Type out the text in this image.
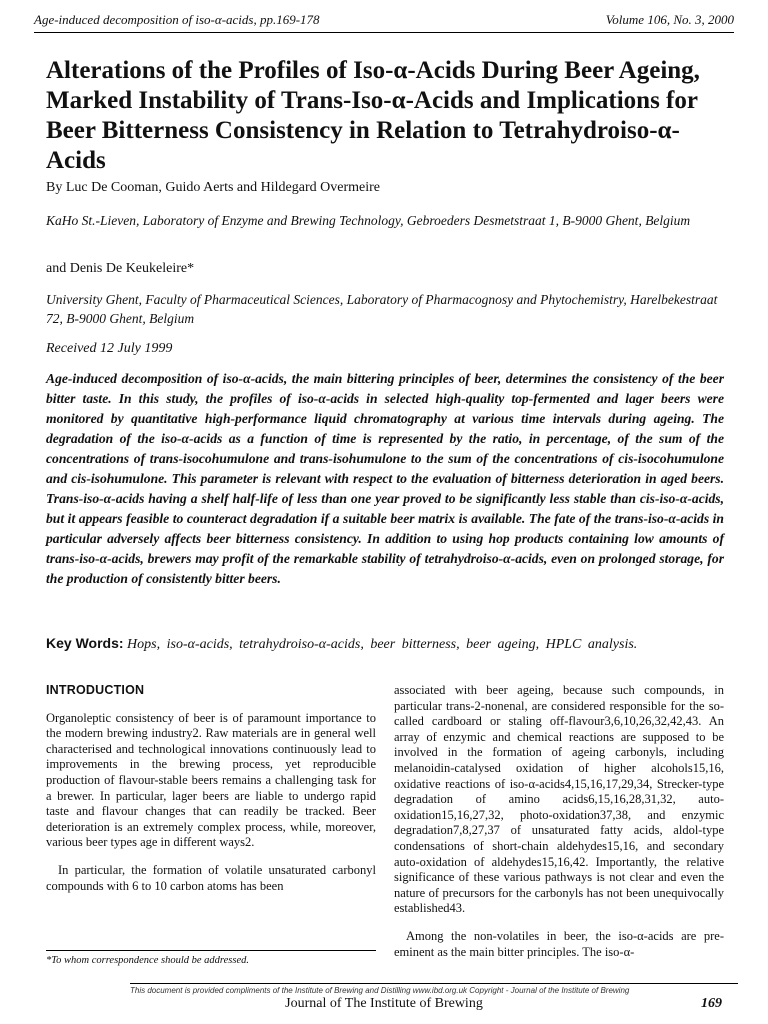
Age-induced decomposition of iso-α-acids, pp.169-178	Volume 106, No. 3, 2000
Alterations of the Profiles of Iso-α-Acids During Beer Ageing, Marked Instability of Trans-Iso-α-Acids and Implications for Beer Bitterness Consistency in Relation to Tetrahydroiso-α-Acids
By Luc De Cooman, Guido Aerts and Hildegard Overmeire
KaHo St.-Lieven, Laboratory of Enzyme and Brewing Technology, Gebroeders Desmetstraat 1, B-9000 Ghent, Belgium
and Denis De Keukeleire*
University Ghent, Faculty of Pharmaceutical Sciences, Laboratory of Pharmacognosy and Phytochemistry, Harelbekestraat 72, B-9000 Ghent, Belgium
Received 12 July 1999
Age-induced decomposition of iso-α-acids, the main bittering principles of beer, determines the consistency of the beer bitter taste. In this study, the profiles of iso-α-acids in selected high-quality top-fermented and lager beers were monitored by quantitative high-performance liquid chromatography at various time intervals during ageing. The degradation of the iso-α-acids as a function of time is represented by the ratio, in percentage, of the sum of the concentrations of trans-isocohumulone and trans-isohumulone to the sum of the concentrations of cis-isocohumulone and cis-isohumulone. This parameter is relevant with respect to the evaluation of bitterness deterioration in aged beers. Trans-iso-α-acids having a shelf half-life of less than one year proved to be significantly less stable than cis-iso-α-acids, but it appears feasible to counteract degradation if a suitable beer matrix is available. The fate of the trans-iso-α-acids in particular adversely affects beer bitterness consistency. In addition to using hop products containing low amounts of trans-iso-α-acids, brewers may profit of the remarkable stability of tetrahydroiso-α-acids, even on prolonged storage, for the production of consistently bitter beers.
Key Words: Hops, iso-α-acids, tetrahydroiso-α-acids, beer bitterness, beer ageing, HPLC analysis.
INTRODUCTION

Organoleptic consistency of beer is of paramount importance to the modern brewing industry2. Raw materials are in general well characterised and technological innovations continuously lead to improvements in the brewing process, yet reproducible production of flavour-stable beers remains a challenging task for a brewer. In particular, lager beers are liable to undergo rapid taste and flavour changes that can readily be tracked. Beer deterioration is an extremely complex process, while, moreover, various beer types age in different ways2.

In particular, the formation of volatile unsaturated carbonyl compounds with 6 to 10 carbon atoms has been

associated with beer ageing, because such compounds, in particular trans-2-nonenal, are considered responsible for the so-called cardboard or staling off-flavour3,6,10,26,32,42,43. An array of enzymic and chemical reactions are supposed to be involved in the formation of ageing carbonyls, including melanoidin-catalysed oxidation of higher alcohols15,16, oxidative reactions of iso-α-acids4,15,16,17,29,34, Strecker-type degradation of amino acids6,15,16,28,31,32, auto-oxidation15,16,27,32, photo-oxidation37,38, and enzymic degradation7,8,27,37 of unsaturated fatty acids, aldol-type condensations of short-chain aldehydes15,16, and secondary auto-oxidation of aldehydes15,16,42. Importantly, the relative significance of these various pathways is not clear and even the nature of precursors for the carbonyls has not been unequivocally established43.

Among the non-volatiles in beer, the iso-α-acids are pre-eminent as the main bitter principles. The iso-α-

*To whom correspondence should be addressed.
This document is provided compliments of the Institute of Brewing and Distilling www.ibd.org.uk Copyright - Journal of the Institute of Brewing
Journal of The Institute of Brewing	169
